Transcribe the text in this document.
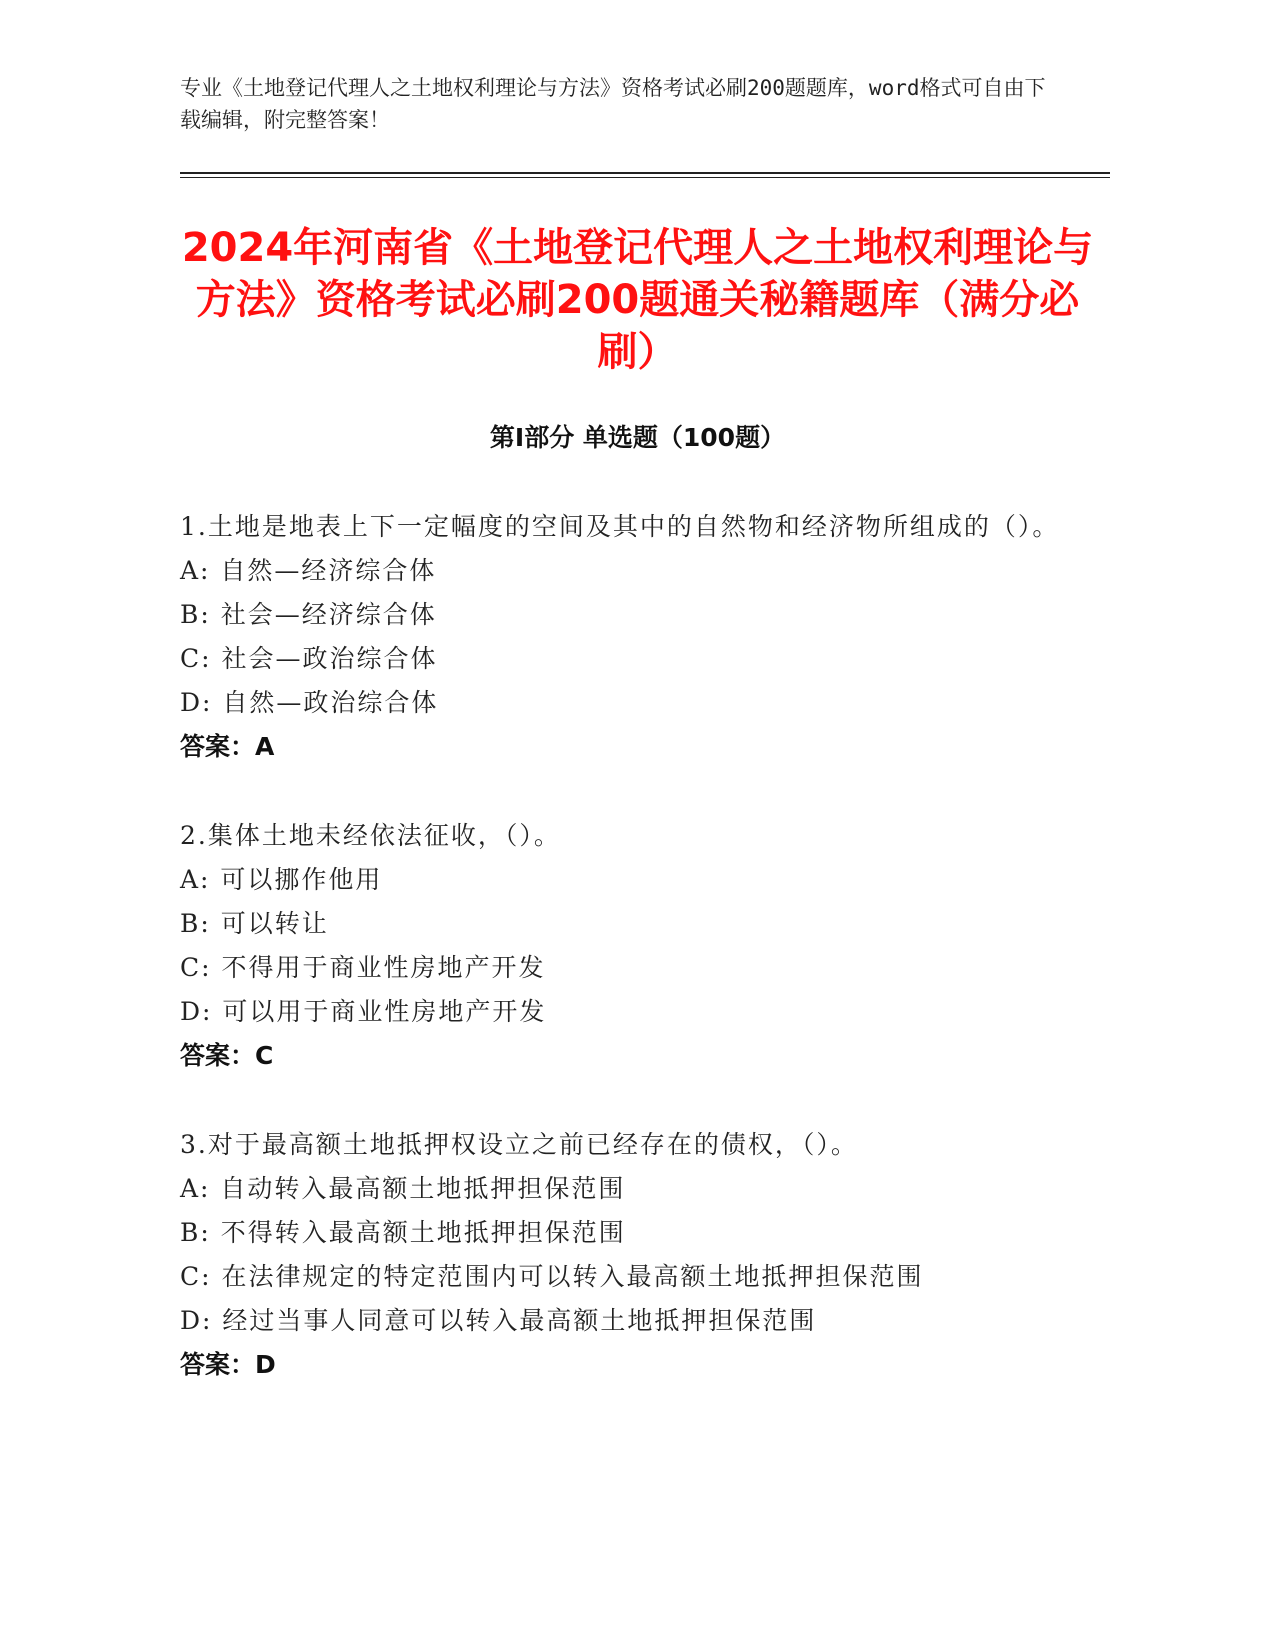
专业《土地登记代理人之土地权利理论与方法》资格考试必刷200题题库，word格式可自由下载编辑，附完整答案！
2024年河南省《土地登记代理人之土地权利理论与方法》资格考试必刷200题通关秘籍题库（满分必刷）
第Ⅰ部分 单选题（100题）
1.土地是地表上下一定幅度的空间及其中的自然物和经济物所组成的（）。
A: 自然—经济综合体
B: 社会—经济综合体
C: 社会—政治综合体
D: 自然—政治综合体
答案：A
2.集体土地未经依法征收，（）。
A: 可以挪作他用
B: 可以转让
C: 不得用于商业性房地产开发
D: 可以用于商业性房地产开发
答案：C
3.对于最高额土地抵押权设立之前已经存在的债权，（）。
A: 自动转入最高额土地抵押担保范围
B: 不得转入最高额土地抵押担保范围
C: 在法律规定的特定范围内可以转入最高额土地抵押担保范围
D: 经过当事人同意可以转入最高额土地抵押担保范围
答案：D
